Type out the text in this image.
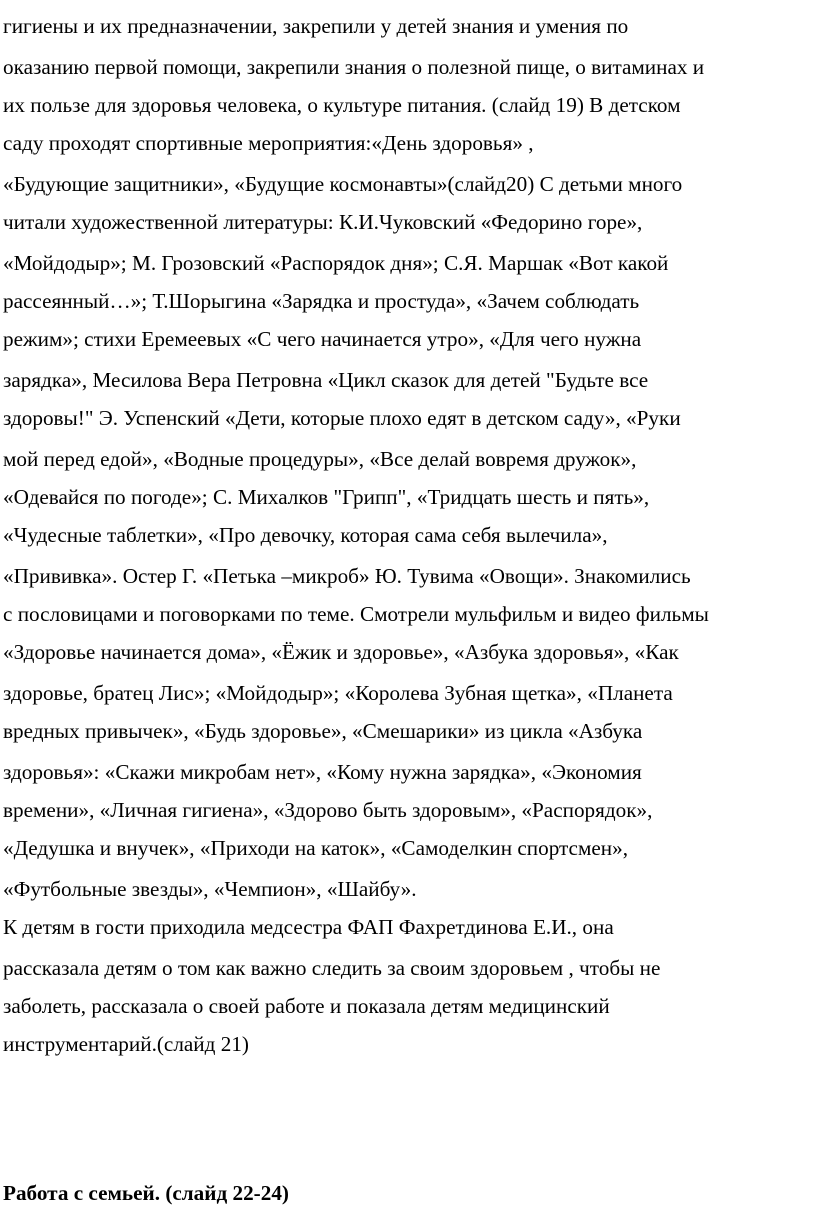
гигиены и их предназначении, закрепили у детей знания и умения по
оказанию первой помощи, закрепили знания о полезной пище, о витаминах и
их пользе для здоровья человека, о культуре питания. (слайд 19) В детском
саду проходят спортивные мероприятия:«День здоровья» ,
«Будующие защитники», «Будущие космонавты»(слайд20) С детьми много
читали художественной литературы: К.И.Чуковский «Федорино горе»,
«Мойдодыр»; М. Грозовский «Распорядок дня»; С.Я. Маршак «Вот какой
рассеянный…»; Т.Шорыгина «Зарядка и простуда», «Зачем соблюдать
режим»; стихи Еремеевых «С чего начинается утро», «Для чего нужна
зарядка», Месилова Вера Петровна «Цикл сказок для детей "Будьте все
здоровы!" Э. Успенский «Дети, которые плохо едят в детском саду», «Руки
мой перед едой», «Водные процедуры», «Все делай вовремя дружок»,
«Одевайся по погоде»; С. Михалков "Грипп", «Тридцать шесть и пять»,
«Чудесные таблетки», «Про девочку, которая сама себя вылечила»,
«Прививка». Остер Г. «Петька –микроб» Ю. Тувима «Овощи». Знакомились
с пословицами и поговорками по теме. Смотрели мульфильм и видео фильмы
«Здоровье начинается дома», «Ёжик и здоровье», «Азбука здоровья», «Как
здоровье, братец Лис»; «Мойдодыр»; «Королева Зубная щетка», «Планета
вредных привычек», «Будь здоровье», «Смешарики» из цикла «Азбука
здоровья»: «Скажи микробам нет», «Кому нужна зарядка», «Экономия
времени», «Личная гигиена», «Здорово быть здоровым», «Распорядок»,
«Дедушка и внучек», «Приходи на каток», «Самоделкин спортсмен»,
«Футбольные звезды», «Чемпион», «Шайбу».
К детям в гости приходила медсестра ФАП Фахретдинова Е.И., она
рассказала детям о том как важно следить за своим здоровьем , чтобы не
заболеть, рассказала о своей работе и показала детям медицинский
инструментарий.(слайд 21)
Работа с семьей. (слайд 22-24)
